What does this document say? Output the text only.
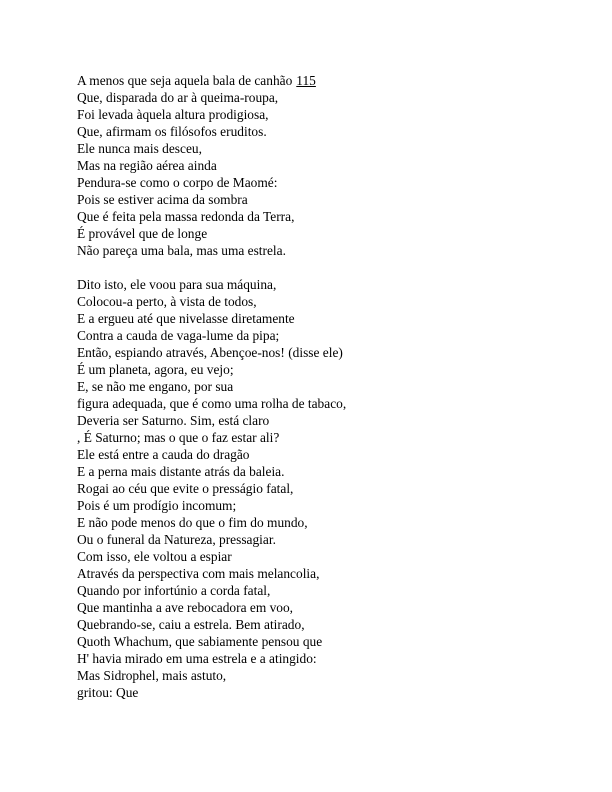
A menos que seja aquela bala de canhão 115
Que, disparada do ar à queima-roupa,
Foi levada àquela altura prodigiosa,
Que, afirmam os filósofos eruditos.
Ele nunca mais desceu,
Mas na região aérea ainda
Pendura-se como o corpo de Maomé:
Pois se estiver acima da sombra
Que é feita pela massa redonda da Terra,
É provável que de longe
Não pareça uma bala, mas uma estrela.
Dito isto, ele voou para sua máquina,
Colocou-a perto, à vista de todos,
E a ergueu até que nivelasse diretamente
Contra a cauda de vaga-lume da pipa;
Então, espiando através, Abençoe-nos! (disse ele)
É um planeta, agora, eu vejo;
E, se não me engano, por sua
figura adequada, que é como uma rolha de tabaco,
Deveria ser Saturno. Sim, está claro
, É Saturno; mas o que o faz estar ali?
Ele está entre a cauda do dragão
E a perna mais distante atrás da baleia.
Rogai ao céu que evite o presságio fatal,
Pois é um prodígio incomum;
E não pode menos do que o fim do mundo,
Ou o funeral da Natureza, pressagiar.
Com isso, ele voltou a espiar
Através da perspectiva com mais melancolia,
Quando por infortúnio a corda fatal,
Que mantinha a ave rebocadora em voo,
Quebrando-se, caiu a estrela. Bem atirado,
Quoth Whachum, que sabiamente pensou que
H' havia mirado em uma estrela e a atingido:
Mas Sidrophel, mais astuto,
gritou: Que
